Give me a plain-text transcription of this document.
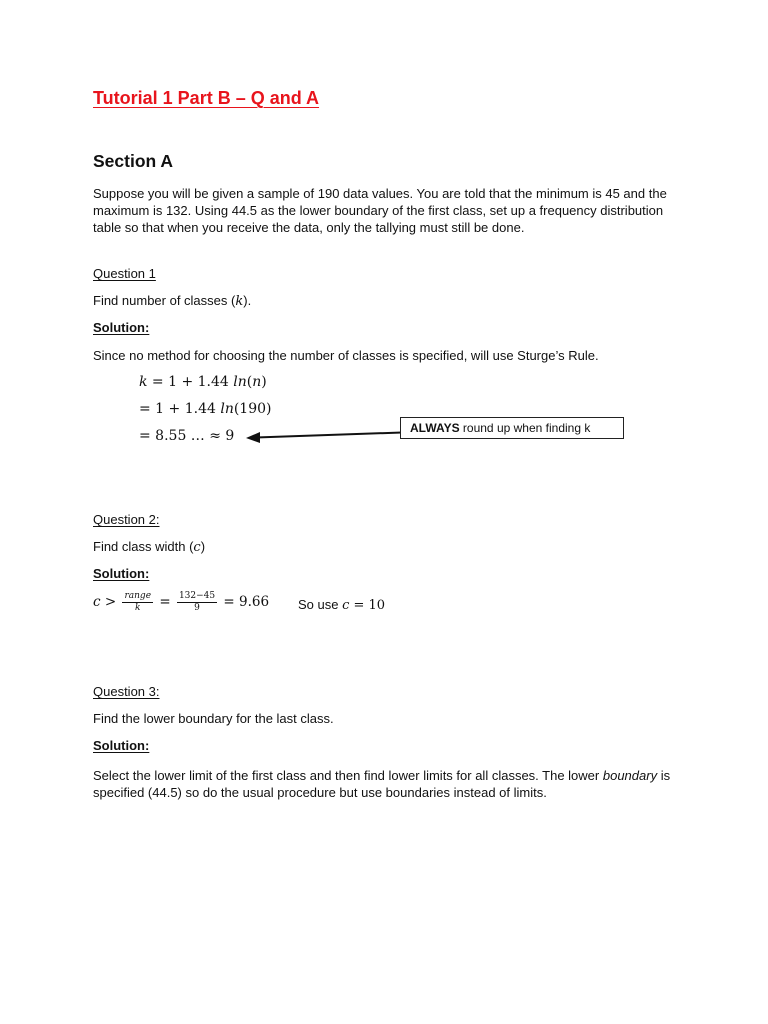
Tutorial 1 Part B – Q and A
Section A
Suppose you will be given a sample of 190 data values. You are told that the minimum is 45 and the maximum is 132. Using 44.5 as the lower boundary of the first class, set up a frequency distribution table so that when you receive the data, only the tallying must still be done.
Question 1
Find number of classes (k).
Solution:
Since no method for choosing the number of classes is specified, will use Sturge’s Rule.
k = 1 + 1.44 ln(n)
= 1 + 1.44 ln(190)
= 8.55 … ≈ 9	ALWAYS round up when finding k
Question 2:
Find class width (c)
Solution:
$c > \frac{\text{range}}{k} = \frac{132-45}{9} = 9.66$ So use c = 10
Question 3:
Find the lower boundary for the last class.
Solution:
Select the lower limit of the first class and then find lower limits for all classes. The lower boundary is specified (44.5) so do the usual procedure but use boundaries instead of limits.
